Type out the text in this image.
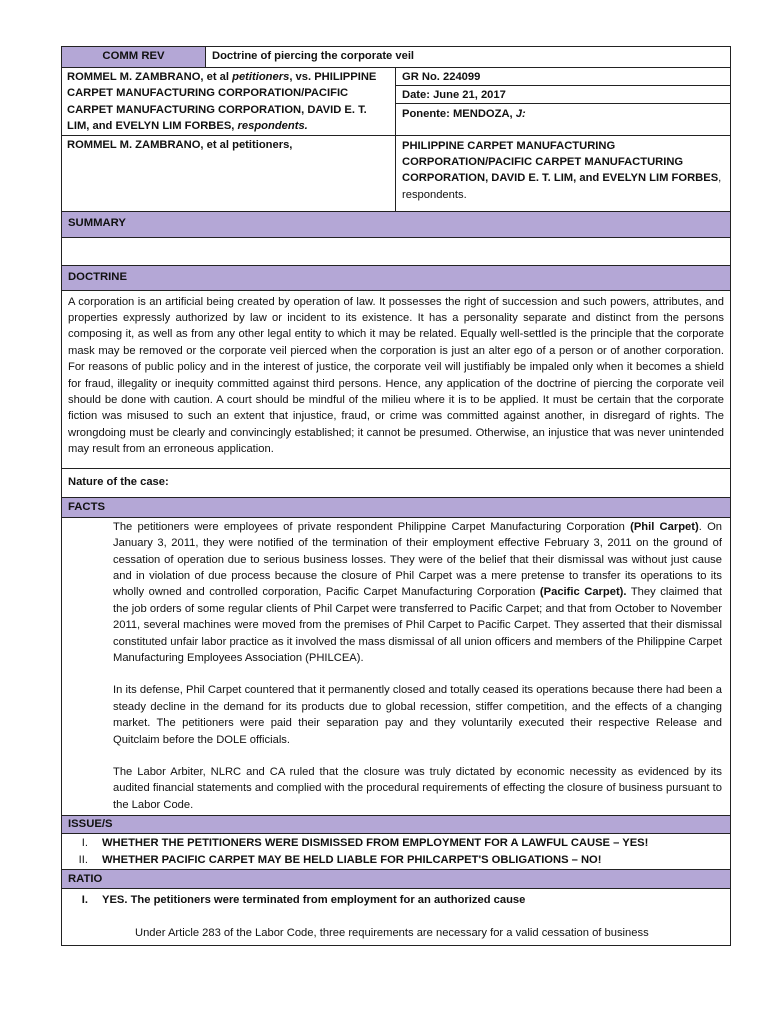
COMM REV	Doctrine of piercing the corporate veil
ROMMEL M. ZAMBRANO, et al petitioners, vs. PHILIPPINE CARPET MANUFACTURING CORPORATION/PACIFIC CARPET MANUFACTURING CORPORATION, DAVID E. T. LIM, and EVELYN LIM FORBES, respondents.
GR No. 224099
Date: June 21, 2017
Ponente: MENDOZA, J:
ROMMEL M. ZAMBRANO, et al petitioners,	PHILIPPINE CARPET MANUFACTURING CORPORATION/PACIFIC CARPET MANUFACTURING CORPORATION, DAVID E. T. LIM, and EVELYN LIM FORBES, respondents.
SUMMARY
DOCTRINE
A corporation is an artificial being created by operation of law. It possesses the right of succession and such powers, attributes, and properties expressly authorized by law or incident to its existence. It has a personality separate and distinct from the persons composing it, as well as from any other legal entity to which it may be related. Equally well-settled is the principle that the corporate mask may be removed or the corporate veil pierced when the corporation is just an alter ego of a person or of another corporation. For reasons of public policy and in the interest of justice, the corporate veil will justifiably be impaled only when it becomes a shield for fraud, illegality or inequity committed against third persons. Hence, any application of the doctrine of piercing the corporate veil should be done with caution. A court should be mindful of the milieu where it is to be applied. It must be certain that the corporate fiction was misused to such an extent that injustice, fraud, or crime was committed against another, in disregard of rights. The wrongdoing must be clearly and convincingly established; it cannot be presumed. Otherwise, an injustice that was never unintended may result from an erroneous application.
Nature of the case:
FACTS

The petitioners were employees of private respondent Philippine Carpet Manufacturing Corporation (Phil Carpet). On January 3, 2011, they were notified of the termination of their employment effective February 3, 2011 on the ground of cessation of operation due to serious business losses. They were of the belief that their dismissal was without just cause and in violation of due process because the closure of Phil Carpet was a mere pretense to transfer its operations to its wholly owned and controlled corporation, Pacific Carpet Manufacturing Corporation (Pacific Carpet). They claimed that the job orders of some regular clients of Phil Carpet were transferred to Pacific Carpet; and that from October to November 2011, several machines were moved from the premises of Phil Carpet to Pacific Carpet. They asserted that their dismissal constituted unfair labor practice as it involved the mass dismissal of all union officers and members of the Philippine Carpet Manufacturing Employees Association (PHILCEA).

In its defense, Phil Carpet countered that it permanently closed and totally ceased its operations because there had been a steady decline in the demand for its products due to global recession, stiffer competition, and the effects of a changing market. The petitioners were paid their separation pay and they voluntarily executed their respective Release and Quitclaim before the DOLE officials.

The Labor Arbiter, NLRC and CA ruled that the closure was truly dictated by economic necessity as evidenced by its audited financial statements and complied with the procedural requirements of effecting the closure of business pursuant to the Labor Code.

ISSUE/S
I.	WHETHER THE PETITIONERS WERE DISMISSED FROM EMPLOYMENT FOR A LAWFUL CAUSE – YES!
II.	WHETHER PACIFIC CARPET MAY BE HELD LIABLE FOR PHILCARPET'S OBLIGATIONS – NO!
RATIO
I.	YES. The petitioners were terminated from employment for an authorized cause

Under Article 283 of the Labor Code, three requirements are necessary for a valid cessation of business
